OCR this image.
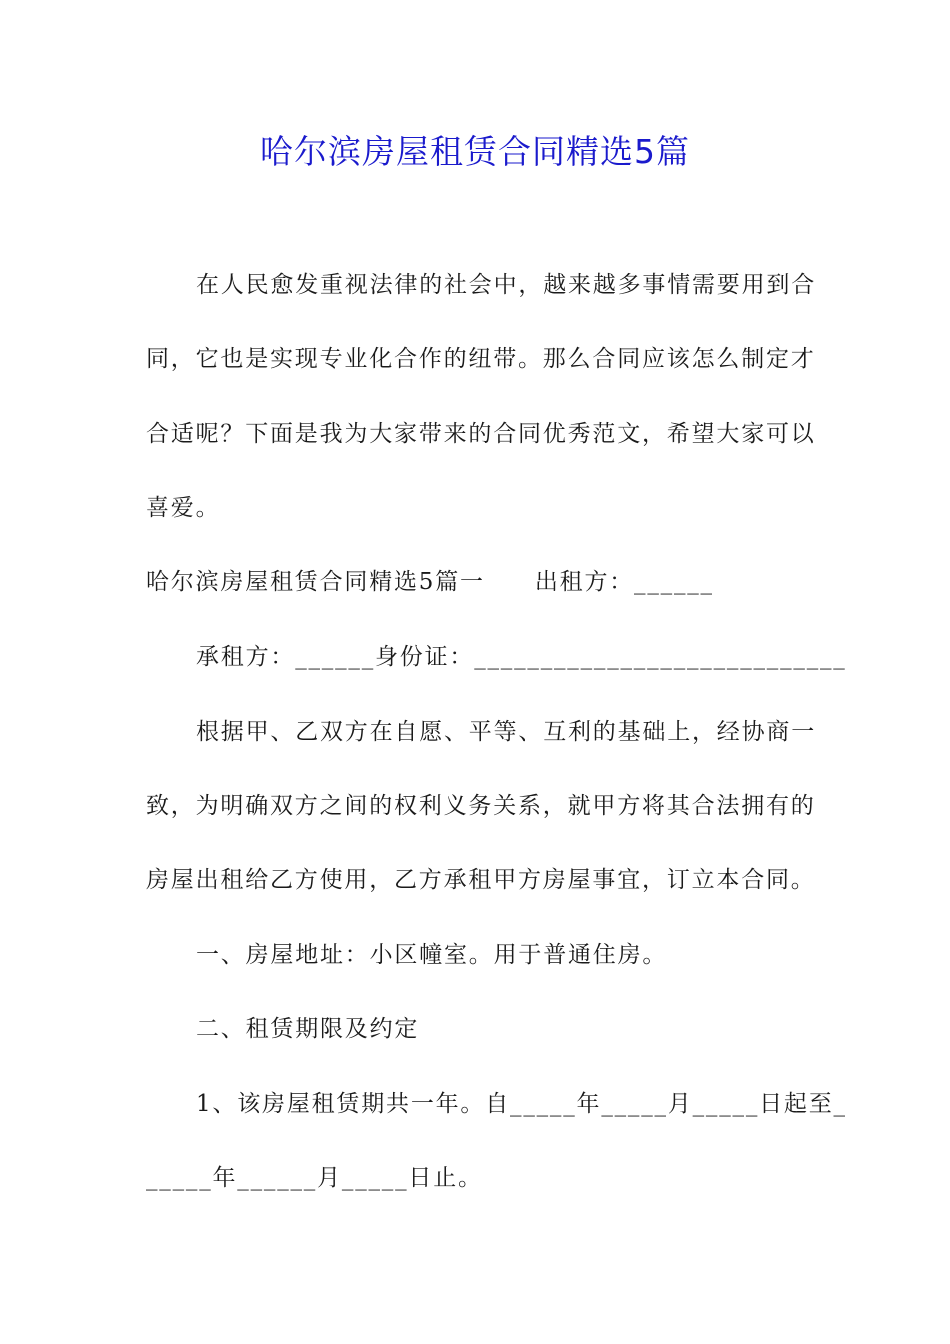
哈尔滨房屋租赁合同精选5篇
在人民愈发重视法律的社会中，越来越多事情需要用到合
同，它也是实现专业化合作的纽带。那么合同应该怎么制定才
合适呢？下面是我为大家带来的合同优秀范文，希望大家可以
喜爱。
哈尔滨房屋租赁合同精选5篇一 出租方：______
承租方：______身份证：____________________________
根据甲、乙双方在自愿、平等、互利的基础上，经协商一
致，为明确双方之间的权利义务关系，就甲方将其合法拥有的
房屋出租给乙方使用，乙方承租甲方房屋事宜，订立本合同。
一、房屋地址：小区幢室。用于普通住房。
二、租赁期限及约定
1、该房屋租赁期共一年。自_____年_____月_____日起至_
_____年______月_____日止。
